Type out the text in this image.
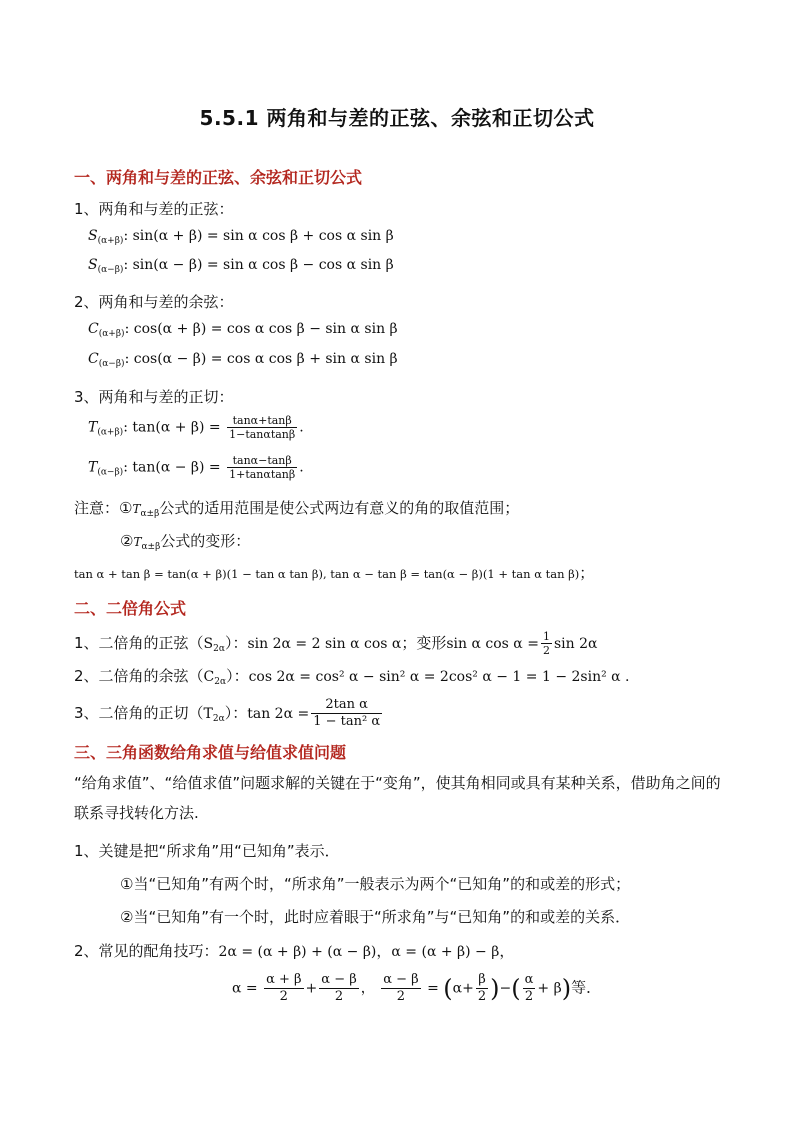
5.5.1 两角和与差的正弦、余弦和正切公式
一、两角和与差的正弦、余弦和正切公式
1、两角和与差的正弦：
$S_{(\alpha+\beta)}$: sin(α + β) = sin α cos β + cos α sin β
$S_{(\alpha-\beta)}$: sin(α − β) = sin α cos β − cos α sin β
2、两角和与差的余弦：
$C_{(\alpha+\beta)}$: cos(α + β) = cos α cos β − sin α sin β
$C_{(\alpha-\beta)}$: cos(α − β) = cos α cos β + sin α sin β
3、两角和与差的正切：
$T_{(\alpha+\beta)}$: $\tan(\alpha + \beta) = \frac{\tan\alpha+\tan\beta}{1-\tan\alpha\tan\beta}$ .
$T_{(\alpha-\beta)}$: $\tan(\alpha - \beta) = \frac{\tan\alpha-\tan\beta}{1+\tan\alpha\tan\beta}$ .
注意：$①T_{\alpha\pm\beta}$公式的适用范围是使公式两边有意义的角的取值范围；
$②T_{\alpha\pm\beta}$公式的变形：
tan α + tan β = tan(α + β)(1 − tan α tan β), tan α − tan β = tan(α − β)(1 + tan α tan β)；
二、二倍角公式
1、二倍角的正弦$(S_{2\alpha})$：sin 2α = 2 sin α cos α；变形sin α $\cos \alpha = \frac{1}{2}$ sin 2α
2、二倍角的余弦$(C_{2\alpha})$：cos 2α = cos² α − sin² α = 2cos² α − 1 = 1 − 2sin² α .
3、二倍角的正切$(T_{2\alpha})$：$\tan 2\alpha = \frac{\text{2tan α}}{\text{1 − tan² α}}$
三、三角函数给角求值与给值求值问题
“给角求值”、“给值求值”问题求解的关键在于“变角”，使其角相同或具有某种关系，借助角之间的联系寻找转化方法.
1、关键是把“所求角”用“已知角”表示．
①当“已知角”有两个时，“所求角”一般表示为两个“已知角”的和或差的形式；
②当“已知角”有一个时，此时应着眼于“所求角”与“已知角”的和或差的关系．
2、常见的配角技巧：2α = (α + β) + (α − β)，α = (α + β) − β，
$\alpha = \frac{\alpha + \beta}{2} + \frac{\alpha - \beta}{2}$ ， $\frac{\alpha - \beta}{2} = (\alpha+ \frac{\beta}{2}$ )−( $\frac{\alpha}{2} + \beta$)等．
